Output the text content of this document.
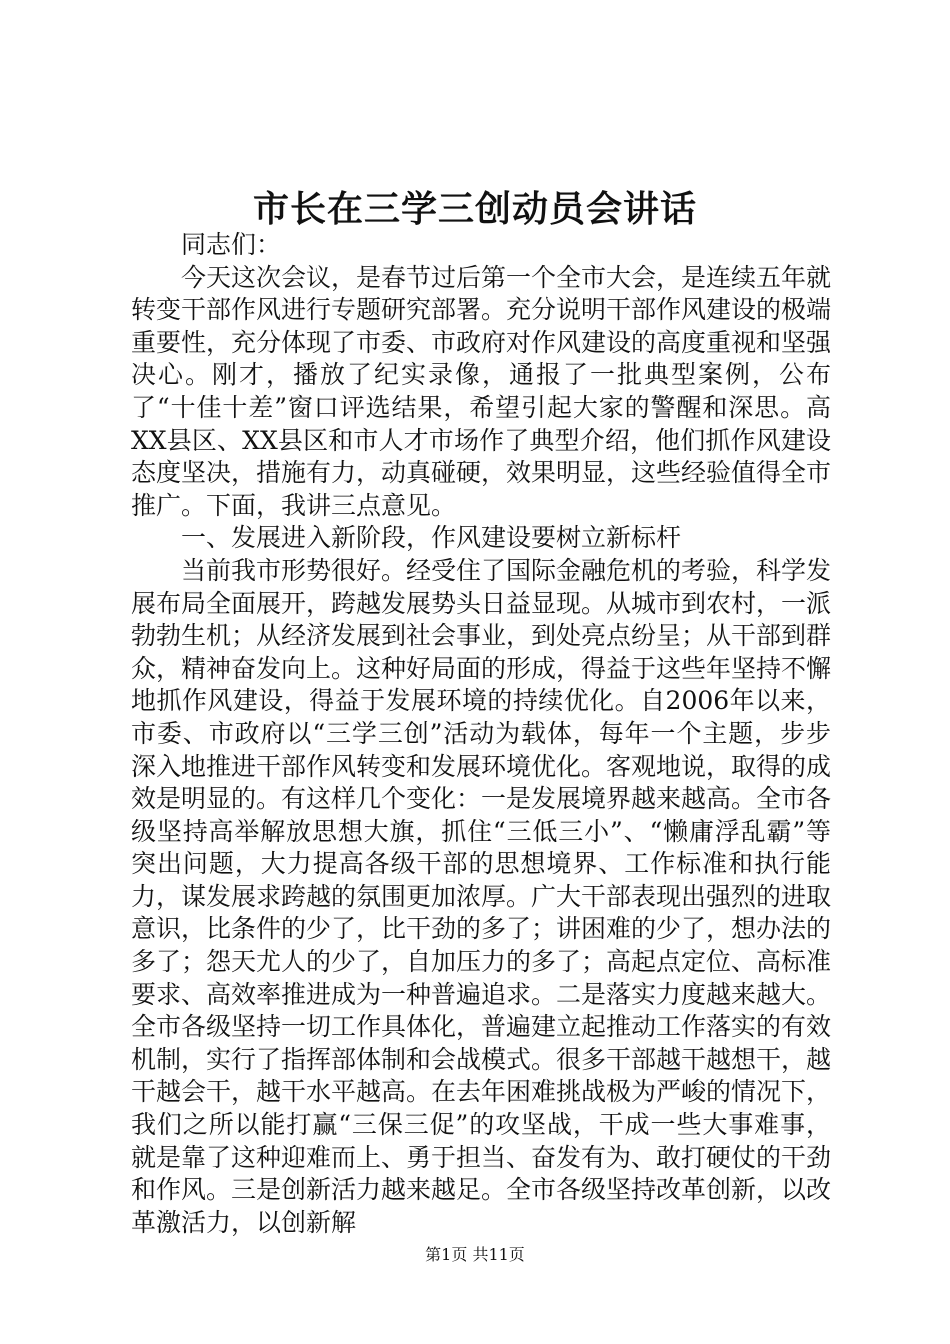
市长在三学三创动员会讲话

同志们：

今天这次会议，是春节过后第一个全市大会，是连续五年就转变干部作风进行专题研究部署。充分说明干部作风建设的极端重要性，充分体现了市委、市政府对作风建设的高度重视和坚强决心。刚才，播放了纪实录像，通报了一批典型案例，公布了“十佳十差”窗口评选结果，希望引起大家的警醒和深思。高XX县区、XX县区和市人才市场作了典型介绍，他们抓作风建设态度坚决，措施有力，动真碰硬，效果明显，这些经验值得全市推广。下面，我讲三点意见。

一、发展进入新阶段，作风建设要树立新标杆

当前我市形势很好。经受住了国际金融危机的考验，科学发展布局全面展开，跨越发展势头日益显现。从城市到农村，一派勃勃生机；从经济发展到社会事业，到处亮点纷呈；从干部到群众，精神奋发向上。这种好局面的形成，得益于这些年坚持不懈地抓作风建设，得益于发展环境的持续优化。自2006年以来，市委、市政府以“三学三创”活动为载体，每年一个主题，步步深入地推进干部作风转变和发展环境优化。客观地说，取得的成效是明显的。有这样几个变化：一是发展境界越来越高。全市各级坚持高举解放思想大旗，抓住“三低三小”、“懒庸浮乱霸”等突出问题，大力提高各级干部的思想境界、工作标准和执行能力，谋发展求跨越的氛围更加浓厚。广大干部表现出强烈的进取意识，比条件的少了，比干劲的多了；讲困难的少了，想办法的多了；怨天尤人的少了，自加压力的多了；高起点定位、高标准要求、高效率推进成为一种普遍追求。二是落实力度越来越大。全市各级坚持一切工作具体化，普遍建立起推动工作落实的有效机制，实行了指挥部体制和会战模式。很多干部越干越想干，越干越会干，越干水平越高。在去年困难挑战极为严峻的情况下，我们之所以能打赢“三保三促”的攻坚战，干成一些大事难事，就是靠了这种迎难而上、勇于担当、奋发有为、敢打硬仗的干劲和作风。三是创新活力越来越足。全市各级坚持改革创新，以改革激活力，以创新解

第1页 共11页
